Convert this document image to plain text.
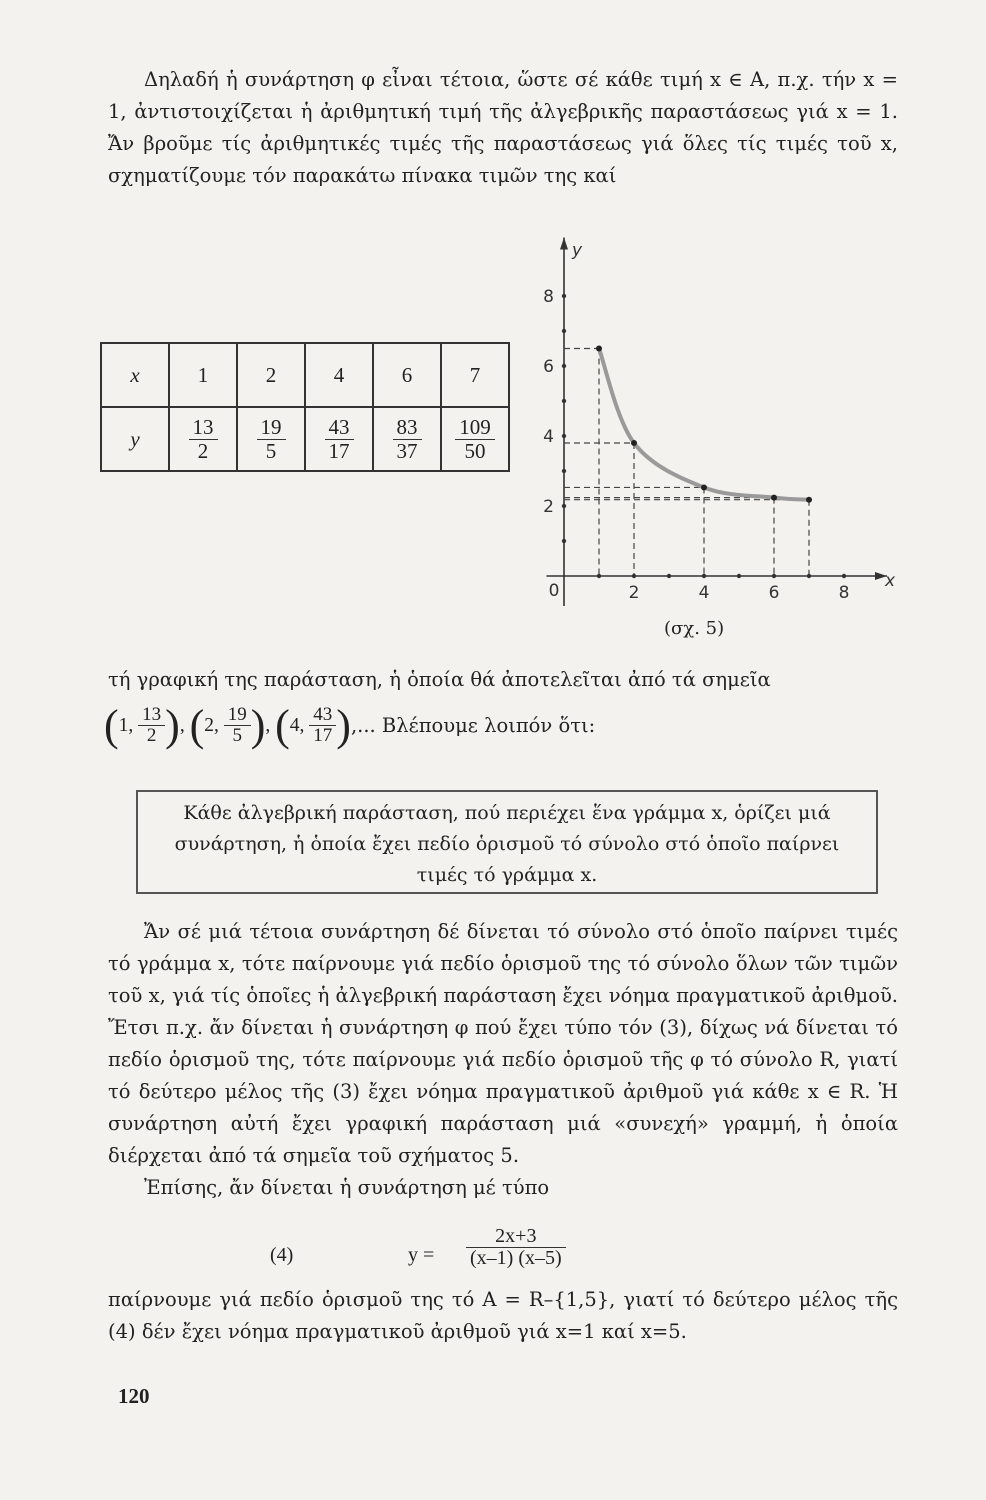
Δηλαδή ἡ συνάρτηση φ εἶναι τέτοια, ὥστε σέ κάθε τιμή x ∈ A, π.χ. τήν x = 1, ἀντιστοιχίζεται ἡ ἀριθμητική τιμή τῆς ἀλγεβρικῆς παραστάσεως γιά x = 1. Ἄν βροῦμε τίς ἀριθμητικές τιμές τῆς παραστάσεως γιά ὅλες τίς τιμές τοῦ x, σχηματίζουμε τόν παρακάτω πίνακα τιμῶν της καί

x	1	2	4	6	7
y	$\frac{13}{2}$	$\frac{19}{5}$	$\frac{43}{17}$	$\frac{83}{37}$	$\frac{109}{50}$
x
y
0	2	4	6	8
2
4
6
8
(σχ. 5)

τή γραφική της παράσταση, ἡ ὁποία θά ἀποτελεῖται ἀπό τά σημεῖα

(1, $\frac{13}{2}$ ), (2, $\frac{19}{5}$ ), (4, $\frac{43}{17}$ ),... Βλέπουμε λοιπόν ὅτι:
Κάθε ἀλγεβρική παράσταση, πού περιέχει ἕνα γράμμα x, ὁρίζει μιά συνάρτηση, ἡ ὁποία ἔχει πεδίο ὁρισμοῦ τό σύνολο στό ὁποῖο παίρνει τιμές τό γράμμα x.
Ἄν σέ μιά τέτοια συνάρτηση δέ δίνεται τό σύνολο στό ὁποῖο παίρνει τιμές τό γράμμα x, τότε παίρνουμε γιά πεδίο ὁρισμοῦ της τό σύνολο ὅλων τῶν τιμῶν τοῦ x, γιά τίς ὁποῖες ἡ ἀλγεβρική παράσταση ἔχει νόημα πραγματικοῦ ἀριθμοῦ. Ἔτσι π.χ. ἄν δίνεται ἡ συνάρτηση φ πού ἔχει τύπο τόν (3), δίχως νά δίνεται τό πεδίο ὁρισμοῦ της, τότε παίρνουμε γιά πεδίο ὁρισμοῦ τῆς φ τό σύνολο R, γιατί τό δεύτερο μέλος τῆς (3) ἔχει νόημα πραγματικοῦ ἀριθμοῦ γιά κάθε x ∈ R. Ἡ συνάρτηση αὐτή ἔχει γραφική παράσταση μιά «συνεχή» γραμμή, ἡ ὁποία διέρχεται ἀπό τά σημεῖα τοῦ σχήματος 5.
Ἐπίσης, ἄν δίνεται ἡ συνάρτηση μέ τύπο
(4)	$y = \frac{2x+3}{(x-1) (x-5)}$

παίρνουμε γιά πεδίο ὁρισμοῦ της τό A = R–{1,5}, γιατί τό δεύτερο μέλος τῆς (4) δέν ἔχει νόημα πραγματικοῦ ἀριθμοῦ γιά x=1 καί x=5.

120
